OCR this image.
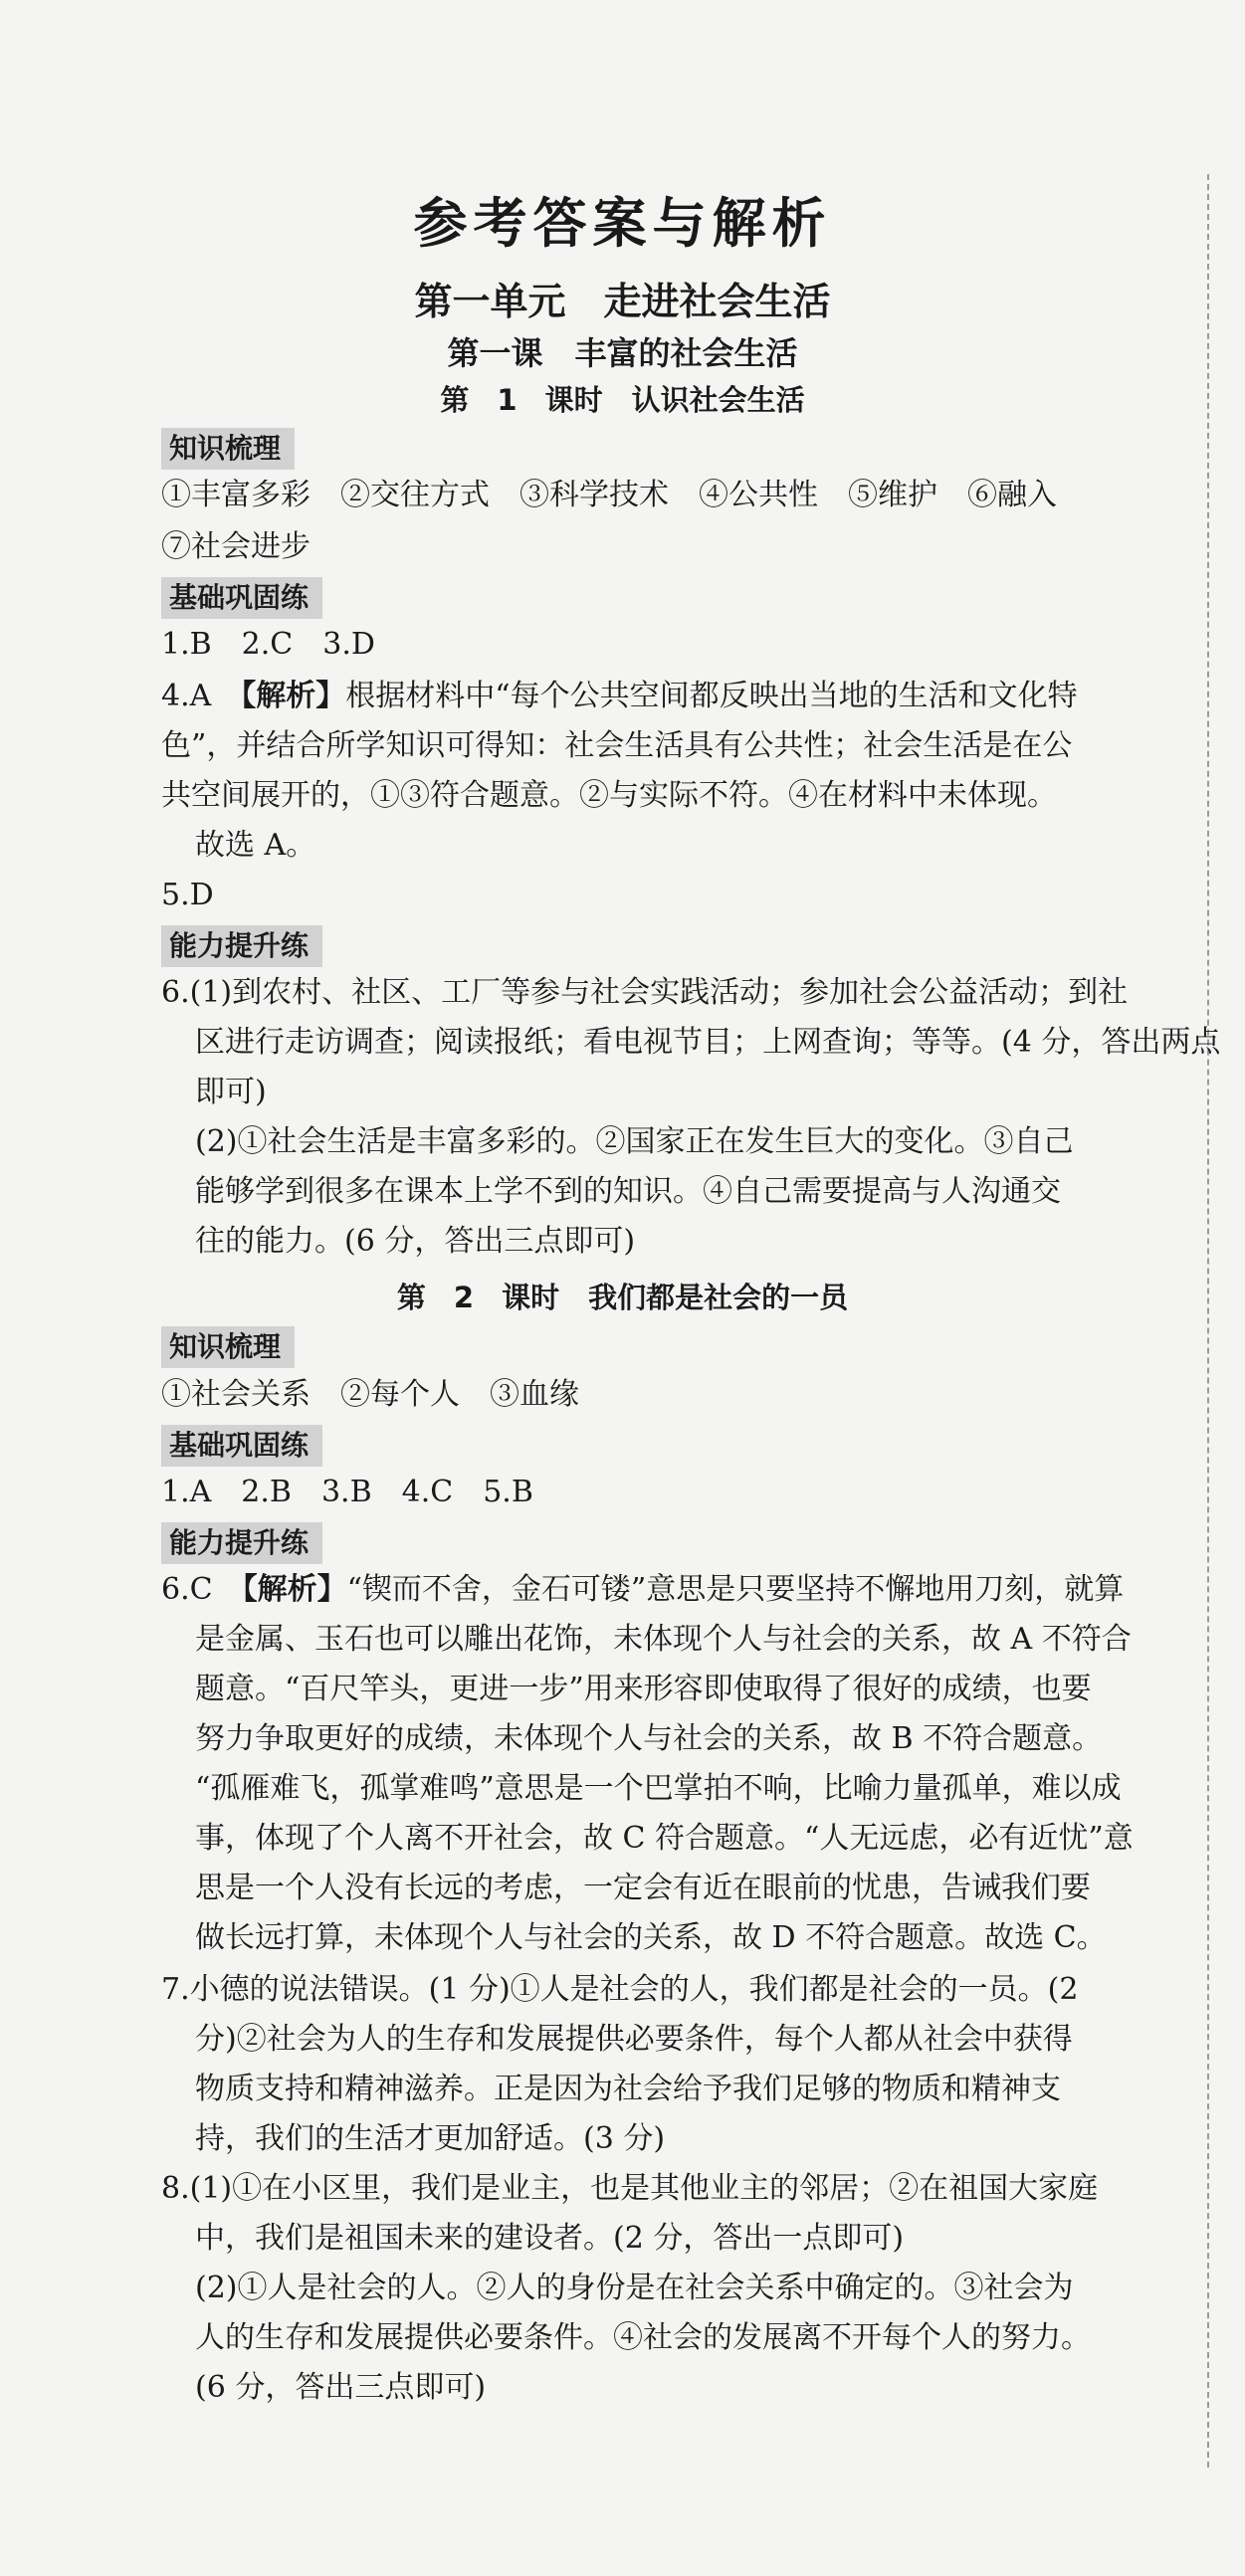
参考答案与解析
第一单元　走进社会生活
第一课　丰富的社会生活
第 1 课时　认识社会生活
知识梳理
①丰富多彩　②交往方式　③科学技术　④公共性　⑤维护　⑥融入
⑦社会进步
基础巩固练
1.B　2.C　3.D
4.A　【解析】根据材料中“每个公共空间都反映出当地的生活和文化特
色”，并结合所学知识可得知：社会生活具有公共性；社会生活是在公
共空间展开的，①③符合题意。②与实际不符。④在材料中未体现。
故选 A。
5.D
能力提升练
6.(1)到农村、社区、工厂等参与社会实践活动；参加社会公益活动；到社
区进行走访调查；阅读报纸；看电视节目；上网查询；等等。(4 分，答出两点
即可)
(2)①社会生活是丰富多彩的。②国家正在发生巨大的变化。③自己
能够学到很多在课本上学不到的知识。④自己需要提高与人沟通交
往的能力。(6 分，答出三点即可)
第 2 课时　我们都是社会的一员
知识梳理
①社会关系　②每个人　③血缘
基础巩固练
1.A　2.B　3.B　4.C　5.B
能力提升练
6.C　【解析】“锲而不舍，金石可镂”意思是只要坚持不懈地用刀刻，就算
是金属、玉石也可以雕出花饰，未体现个人与社会的关系，故 A 不符合
题意。“百尺竿头，更进一步”用来形容即使取得了很好的成绩，也要
努力争取更好的成绩，未体现个人与社会的关系，故 B 不符合题意。
“孤雁难飞，孤掌难鸣”意思是一个巴掌拍不响，比喻力量孤单，难以成
事，体现了个人离不开社会，故 C 符合题意。“人无远虑，必有近忧”意
思是一个人没有长远的考虑，一定会有近在眼前的忧患，告诫我们要
做长远打算，未体现个人与社会的关系，故 D 不符合题意。故选 C。
7.小德的说法错误。(1 分)①人是社会的人，我们都是社会的一员。(2
分)②社会为人的生存和发展提供必要条件，每个人都从社会中获得
物质支持和精神滋养。正是因为社会给予我们足够的物质和精神支
持，我们的生活才更加舒适。(3 分)
8.(1)①在小区里，我们是业主，也是其他业主的邻居；②在祖国大家庭
中，我们是祖国未来的建设者。(2 分，答出一点即可)
(2)①人是社会的人。②人的身份是在社会关系中确定的。③社会为
人的生存和发展提供必要条件。④社会的发展离不开每个人的努力。
(6 分，答出三点即可)
